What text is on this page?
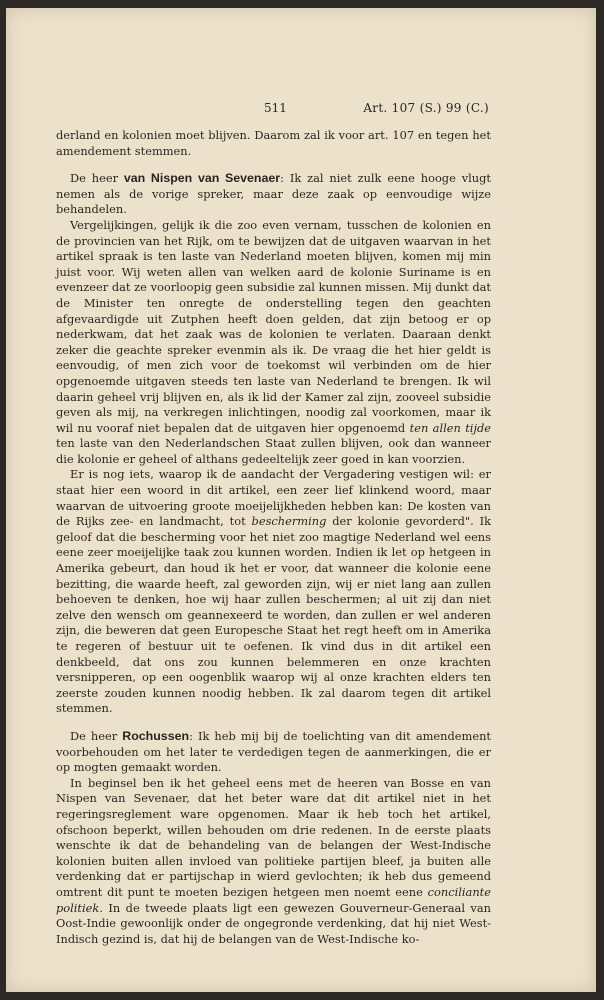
511	Art. 107 (S.) 99 (C.)

derland en kolonien moet blijven. Daarom zal ik voor art. 107 en tegen het amendement stemmen.

De heer van Nispen van Sevenaer: Ik zal niet zulk eene hooge vlugt nemen als de vorige spreker, maar deze zaak op eenvoudige wijze behandelen.

Vergelijkingen, gelijk ik die zoo even vernam, tusschen de kolonien en de provincien van het Rijk, om te bewijzen dat de uitgaven waarvan in het artikel spraak is ten laste van Nederland moeten blijven, komen mij min juist voor. Wij weten allen van welken aard de kolonie Suriname is en evenzeer dat ze voorloopig geen subsidie zal kunnen missen. Mij dunkt dat de Minister ten onregte de onderstelling tegen den geachten afgevaardigde uit Zutphen heeft doen gelden, dat zijn betoog er op nederkwam, dat het zaak was de kolonien te verlaten. Daaraan denkt zeker die geachte spreker evenmin als ik. De vraag die het hier geldt is eenvoudig, of men zich voor de toekomst wil verbinden om de hier opgenoemde uitgaven steeds ten laste van Nederland te brengen. Ik wil daarin geheel vrij blijven en, als ik lid der Kamer zal zijn, zooveel subsidie geven als mij, na verkregen inlichtingen, noodig zal voorkomen, maar ik wil nu vooraf niet bepalen dat de uitgaven hier opgenoemd ten allen tijde ten laste van den Nederlandschen Staat zullen blijven, ook dan wanneer die kolonie er geheel of althans gedeeltelijk zeer goed in kan voorzien.

Er is nog iets, waarop ik de aandacht der Vergadering vestigen wil: er staat hier een woord in dit artikel, een zeer lief klinkend woord, maar waarvan de uitvoering groote moeijelijkheden hebben kan: De kosten van de Rijks zee- en landmacht, tot bescherming der kolonie gevorderd". Ik geloof dat die bescherming voor het niet zoo magtige Nederland wel eens eene zeer moeijelijke taak zou kunnen worden. Indien ik let op hetgeen in Amerika gebeurt, dan houd ik het er voor, dat wanneer die kolonie eene bezitting, die waarde heeft, zal geworden zijn, wij er niet lang aan zullen behoeven te denken, hoe wij haar zullen beschermen; al uit zij dan niet zelve den wensch om geannexeerd te worden, dan zullen er wel anderen zijn, die beweren dat geen Europesche Staat het regt heeft om in Amerika te regeren of bestuur uit te oefenen. Ik vind dus in dit artikel een denkbeeld, dat ons zou kunnen belemmeren en onze krachten versnipperen, op een oogenblik waarop wij al onze krachten elders ten zeerste zouden kunnen noodig hebben. Ik zal daarom tegen dit artikel stemmen.

De heer Rochussen: Ik heb mij bij de toelichting van dit amendement voorbehouden om het later te verdedigen tegen de aanmerkingen, die er op mogten gemaakt worden.

In beginsel ben ik het geheel eens met de heeren van Bosse en van Nispen van Sevenaer, dat het beter ware dat dit artikel niet in het regeringsreglement ware opgenomen. Maar ik heb toch het artikel, ofschoon beperkt, willen behouden om drie redenen. In de eerste plaats wenschte ik dat de behandeling van de belangen der West-Indische kolonien buiten allen invloed van politieke partijen bleef, ja buiten alle verdenking dat er partijschap in wierd gevlochten; ik heb dus gemeend omtrent dit punt te moeten bezigen hetgeen men noemt eene conciliante politiek. In de tweede plaats ligt een gewezen Gouverneur-Generaal van Oost-Indie gewoonlijk onder de ongegronde verdenking, dat hij niet West-Indisch gezind is, dat hij de belangen van de West-Indische ko-
